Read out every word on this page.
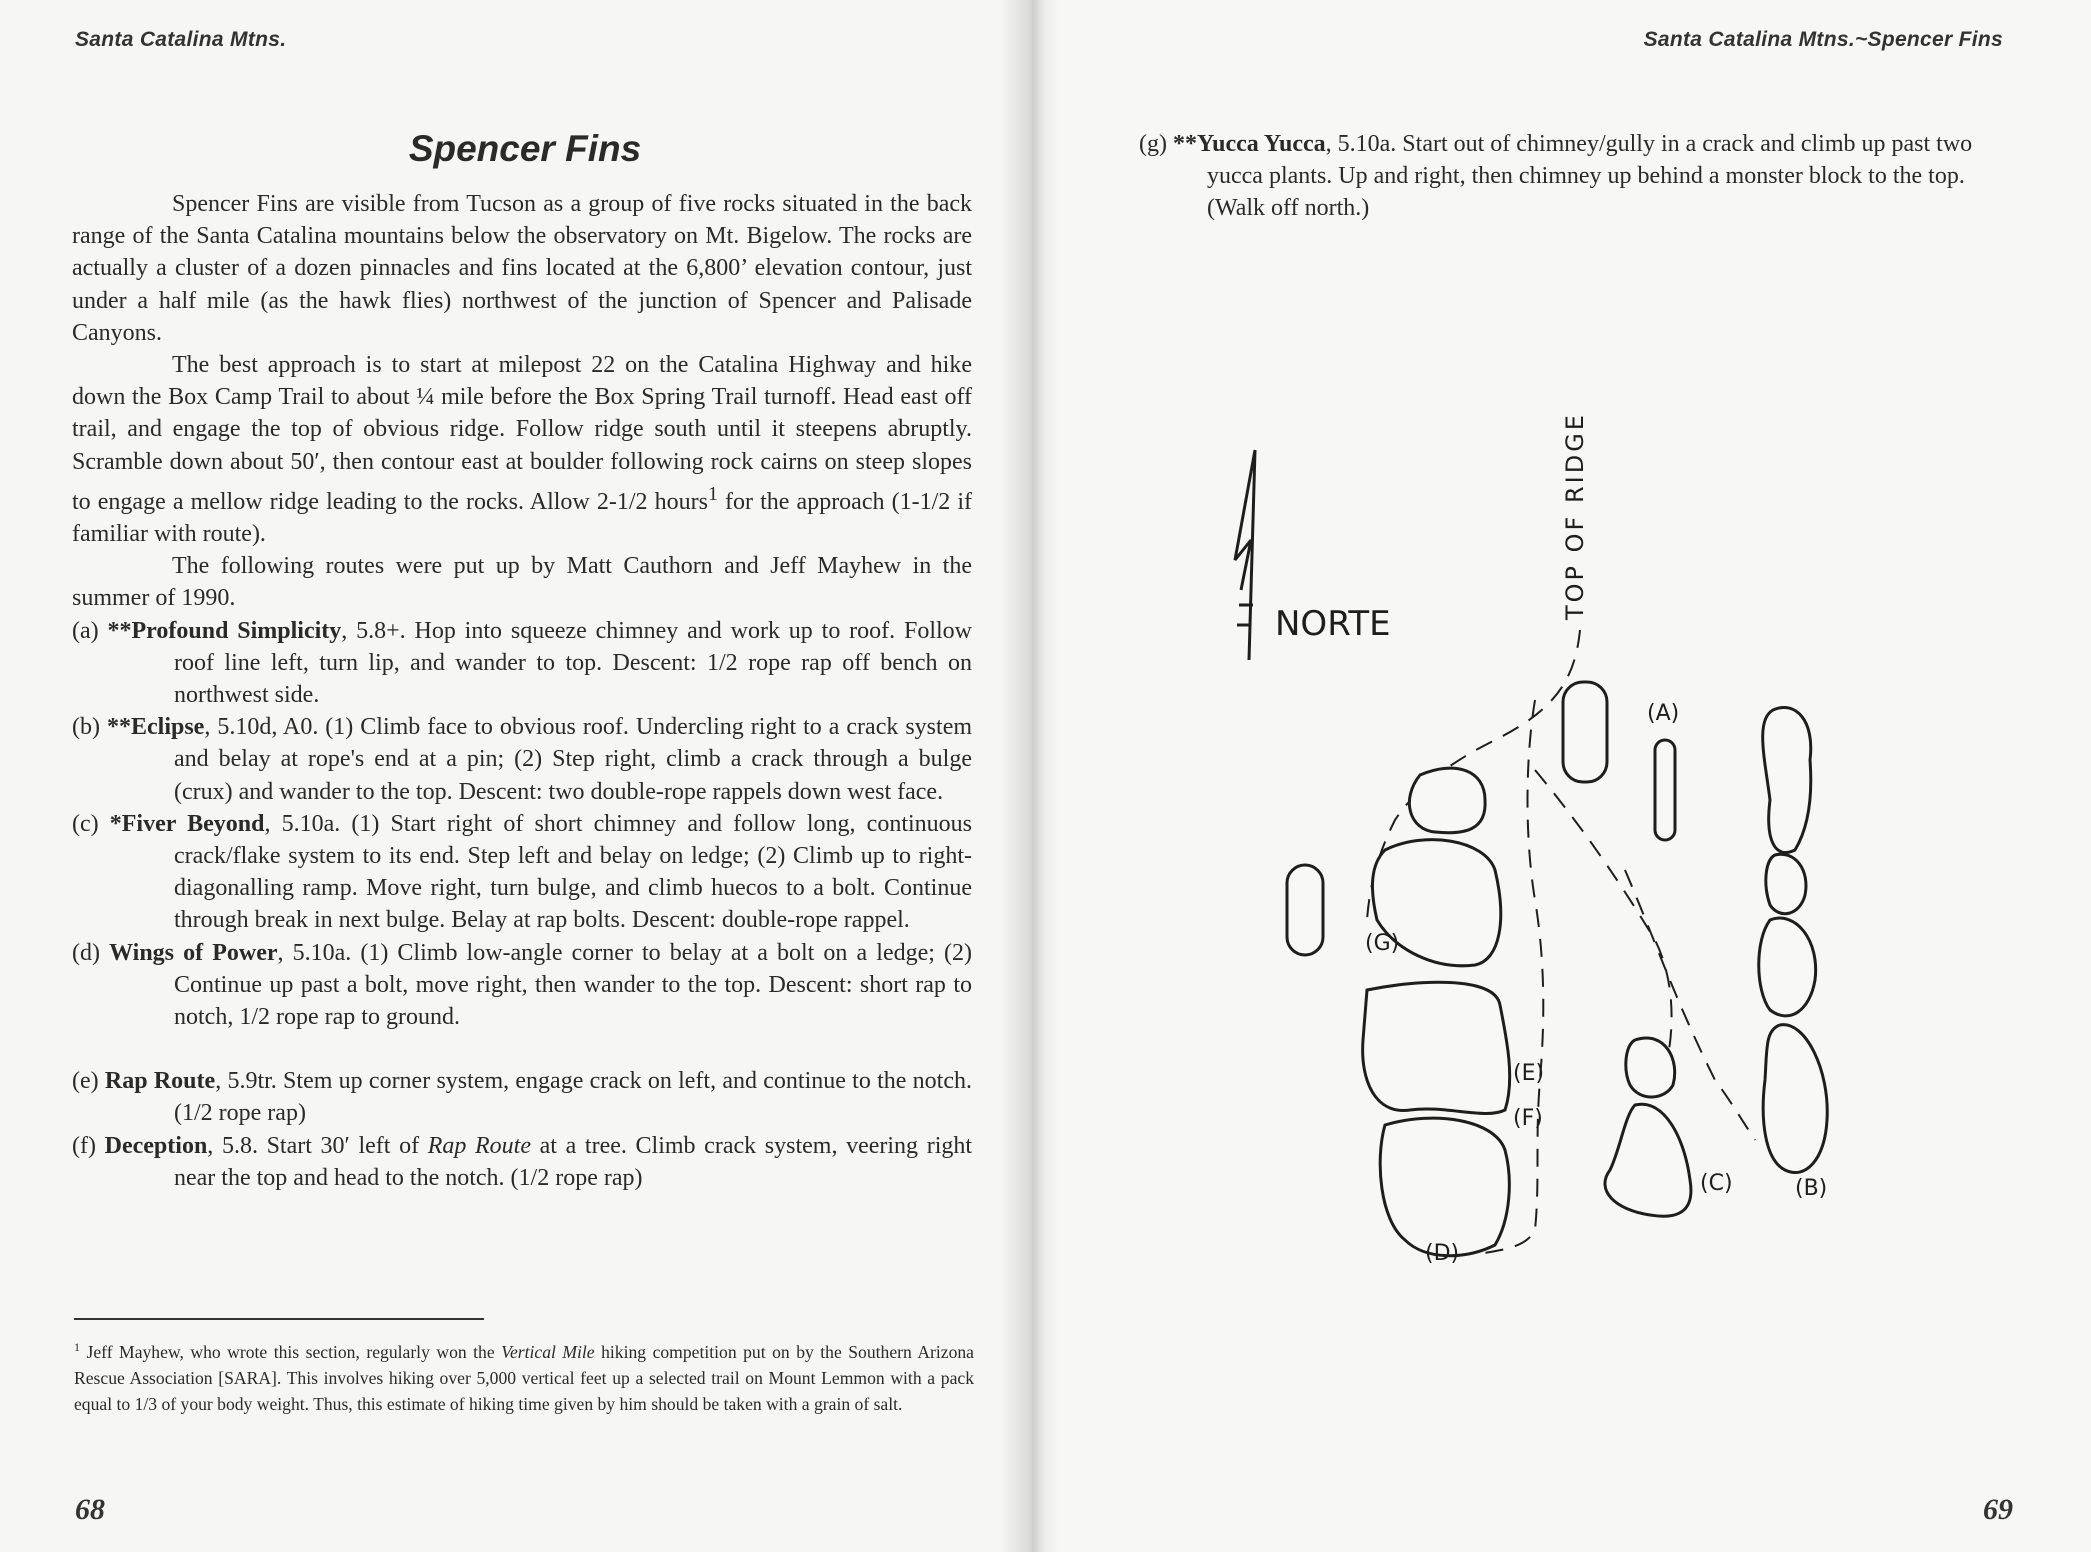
Santa Catalina Mtns.
Spencer Fins

Spencer Fins are visible from Tucson as a group of five rocks situated in the back range of the Santa Catalina mountains below the observatory on Mt. Bigelow. The rocks are actually a cluster of a dozen pinnacles and fins located at the 6,800’ elevation contour, just under a half mile (as the hawk flies) northwest of the junction of Spencer and Palisade Canyons.

The best approach is to start at milepost 22 on the Catalina Highway and hike down the Box Camp Trail to about ¼ mile before the Box Spring Trail turnoff. Head east off trail, and engage the top of obvious ridge. Follow ridge south until it steepens abruptly. Scramble down about 50′, then contour east at boulder following rock cairns on steep slopes to engage a mellow ridge leading to the rocks. Allow 2-1/2 hours$^1$ for the approach (1-1/2 if familiar with route).

The following routes were put up by Matt Cauthorn and Jeff Mayhew in the summer of 1990.

(a) **Profound Simplicity, 5.8+. Hop into squeeze chimney and work up to roof. Follow roof line left, turn lip, and wander to top. Descent: 1/2 rope rap off bench on northwest side.

(b) **Eclipse, 5.10d, A0. (1) Climb face to obvious roof. Undercling right to a crack system and belay at rope's end at a pin; (2) Step right, climb a crack through a bulge (crux) and wander to the top. Descent: two double-rope rappels down west face.

(c) *Fiver Beyond, 5.10a. (1) Start right of short chimney and follow long, continuous crack/flake system to its end. Step left and belay on ledge; (2) Climb up to right-diagonalling ramp. Move right, turn bulge, and climb huecos to a bolt. Continue through break in next bulge. Belay at rap bolts. Descent: double-rope rappel.

(d) Wings of Power, 5.10a. (1) Climb low-angle corner to belay at a bolt on a ledge; (2) Continue up past a bolt, move right, then wander to the top. Descent: short rap to notch, 1/2 rope rap to ground.

(e) Rap Route, 5.9tr. Stem up corner system, engage crack on left, and continue to the notch. (1/2 rope rap)

(f) Deception, 5.8. Start 30′ left of Rap Route at a tree. Climb crack system, veering right near the top and head to the notch. (1/2 rope rap)

$^1$ Jeff Mayhew, who wrote this section, regularly won the Vertical Mile hiking competition put on by the Southern Arizona Rescue Association [SARA]. This involves hiking over 5,000 vertical feet up a selected trail on Mount Lemmon with a pack equal to 1/3 of your body weight. Thus, this estimate of hiking time given by him should be taken with a grain of salt.
68
Santa Catalina Mtns.~Spencer Fins

(g) **Yucca Yucca, 5.10a. Start out of chimney/gully in a crack and climb up past two yucca plants. Up and right, then chimney up behind a monster block to the top. (Walk off north.)

NORTE
TOP OF RIDGE
(A)
(B)
(C)
(D)
(E)
(F)
(G)
69
